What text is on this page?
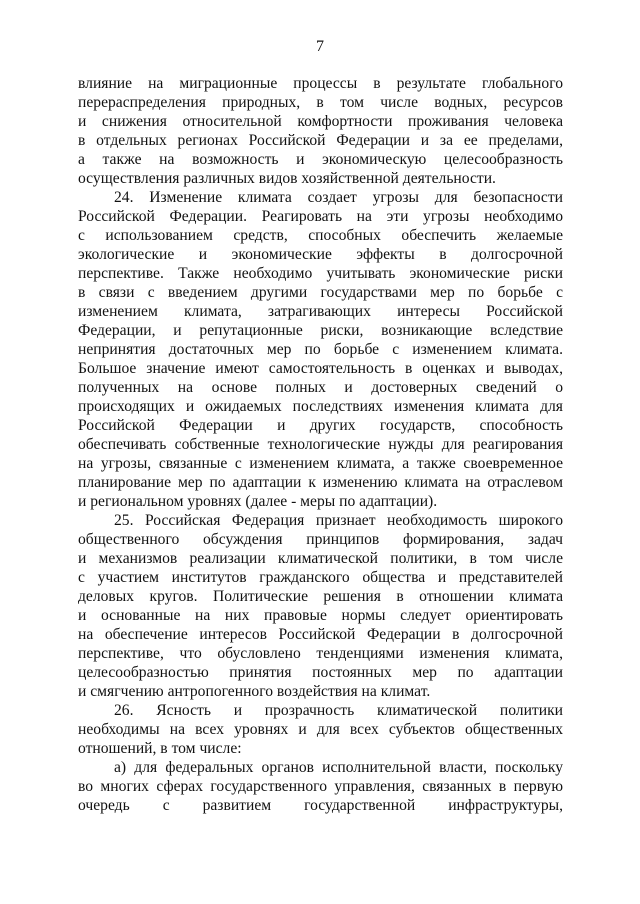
7
влияние на миграционные процессы в результате глобального
перераспределения природных, в том числе водных, ресурсов
и снижения относительной комфортности проживания человека
в отдельных регионах Российской Федерации и за ее пределами,
а также на возможность и экономическую целесообразность
осуществления различных видов хозяйственной деятельности.
24. Изменение климата создает угрозы для безопасности
Российской Федерации. Реагировать на эти угрозы необходимо
с использованием средств, способных обеспечить желаемые
экологические и экономические эффекты в долгосрочной
перспективе. Также необходимо учитывать экономические риски
в связи с введением другими государствами мер по борьбе с
изменением климата, затрагивающих интересы Российской
Федерации, и репутационные риски, возникающие вследствие
непринятия достаточных мер по борьбе с изменением климата.
Большое значение имеют самостоятельность в оценках и выводах,
полученных на основе полных и достоверных сведений о
происходящих и ожидаемых последствиях изменения климата для
Российской Федерации и других государств, способность
обеспечивать собственные технологические нужды для реагирования
на угрозы, связанные с изменением климата, а также своевременное
планирование мер по адаптации к изменению климата на отраслевом
и региональном уровнях (далее - меры по адаптации).
25. Российская Федерация признает необходимость широкого
общественного обсуждения принципов формирования, задач
и механизмов реализации климатической политики, в том числе
с участием институтов гражданского общества и представителей
деловых кругов. Политические решения в отношении климата
и основанные на них правовые нормы следует ориентировать
на обеспечение интересов Российской Федерации в долгосрочной
перспективе, что обусловлено тенденциями изменения климата,
целесообразностью принятия постоянных мер по адаптации
и смягчению антропогенного воздействия на климат.
26. Ясность и прозрачность климатической политики
необходимы на всех уровнях и для всех субъектов общественных
отношений, в том числе:
а) для федеральных органов исполнительной власти, поскольку
во многих сферах государственного управления, связанных в первую
очередь с развитием государственной инфраструктуры,
